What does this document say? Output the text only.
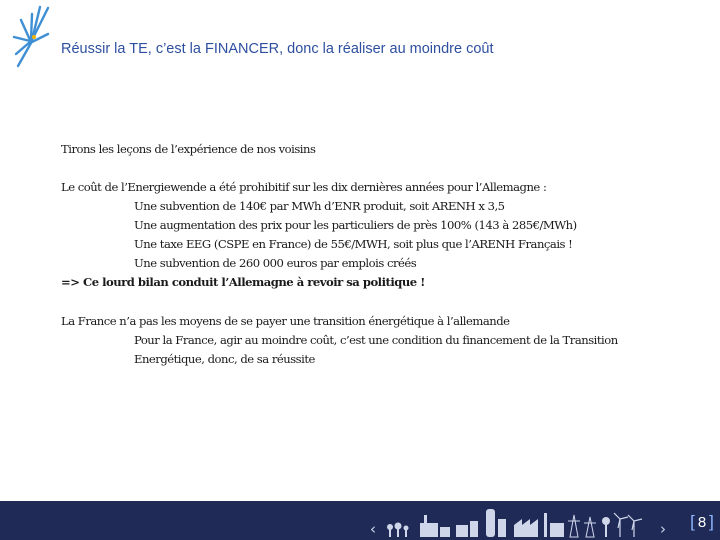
Réussir la TE, c’est la FINANCER, donc la réaliser au moindre coût
Tirons les leçons de l’expérience de nos voisins
Le coût de l’Energiewende a été prohibitif sur les dix dernières années pour l’Allemagne :
Une subvention de 140€ par MWh d’ENR produit, soit ARENH x 3,5
Une augmentation des prix pour les particuliers de près 100% (143 à 285€/MWh)
Une taxe EEG (CSPE en France) de 55€/MWH, soit plus que l’ARENH Français !
Une subvention de 260 000 euros par emplois créés
=> Ce lourd bilan conduit l’Allemagne à revoir sa politique !
La France n’a pas les moyens de se payer une transition énergétique à l’allemande
Pour la France, agir au moindre coût, c’est une condition du financement de la Transition
Energétique, donc, de sa réussite
‹	› [ 8 ]
